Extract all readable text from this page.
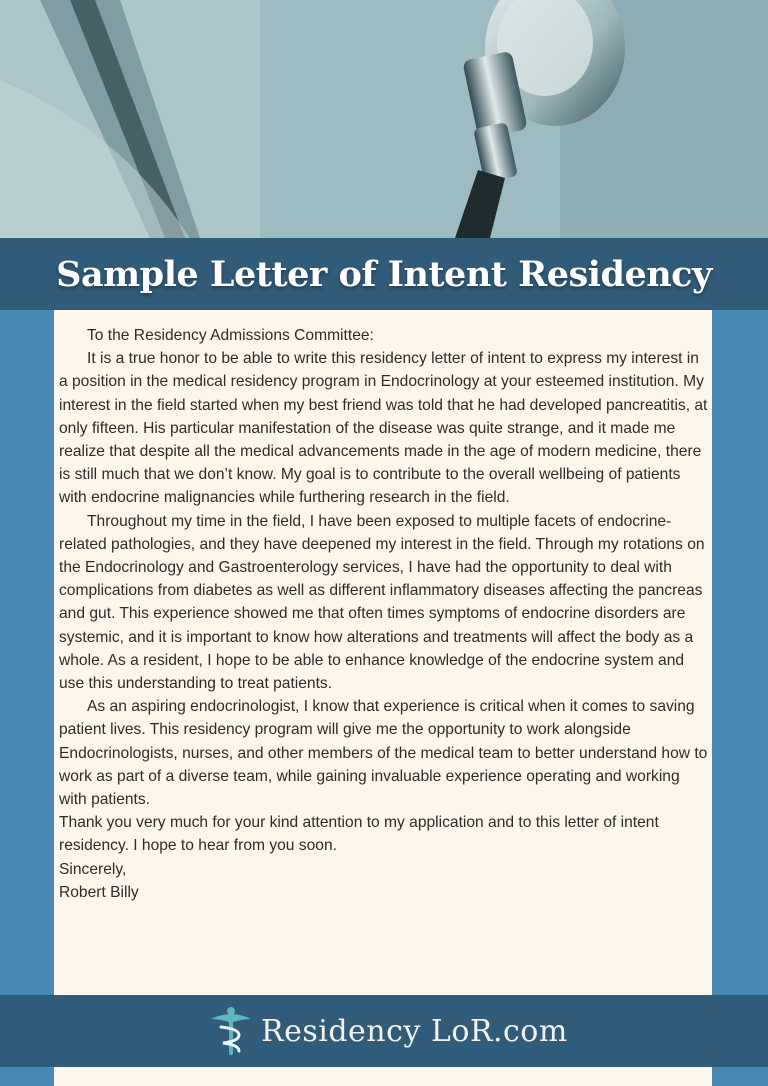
Sample Letter of Intent Residency

To the Residency Admissions Committee:

It is a true honor to be able to write this residency letter of intent to express my interest in a position in the medical residency program in Endocrinology at your esteemed institution. My interest in the field started when my best friend was told that he had developed pancreatitis, at only fifteen. His particular manifestation of the disease was quite strange, and it made me realize that despite all the medical advancements made in the age of modern medicine, there is still much that we don’t know. My goal is to contribute to the overall wellbeing of patients with endocrine malignancies while furthering research in the field.

Throughout my time in the field, I have been exposed to multiple facets of endocrine-related pathologies, and they have deepened my interest in the field. Through my rotations on the Endocrinology and Gastroenterology services, I have had the opportunity to deal with complications from diabetes as well as different inflammatory diseases affecting the pancreas and gut. This experience showed me that often times symptoms of endocrine disorders are systemic, and it is important to know how alterations and treatments will affect the body as a whole. As a resident, I hope to be able to enhance knowledge of the endocrine system and use this understanding to treat patients.

As an aspiring endocrinologist, I know that experience is critical when it comes to saving patient lives. This residency program will give me the opportunity to work alongside Endocrinologists, nurses, and other members of the medical team to better understand how to work as part of a diverse team, while gaining invaluable experience operating and working with patients.

Thank you very much for your kind attention to my application and to this letter of intent residency. I hope to hear from you soon.

Sincerely,

Robert Billy

Residency LoR.com
